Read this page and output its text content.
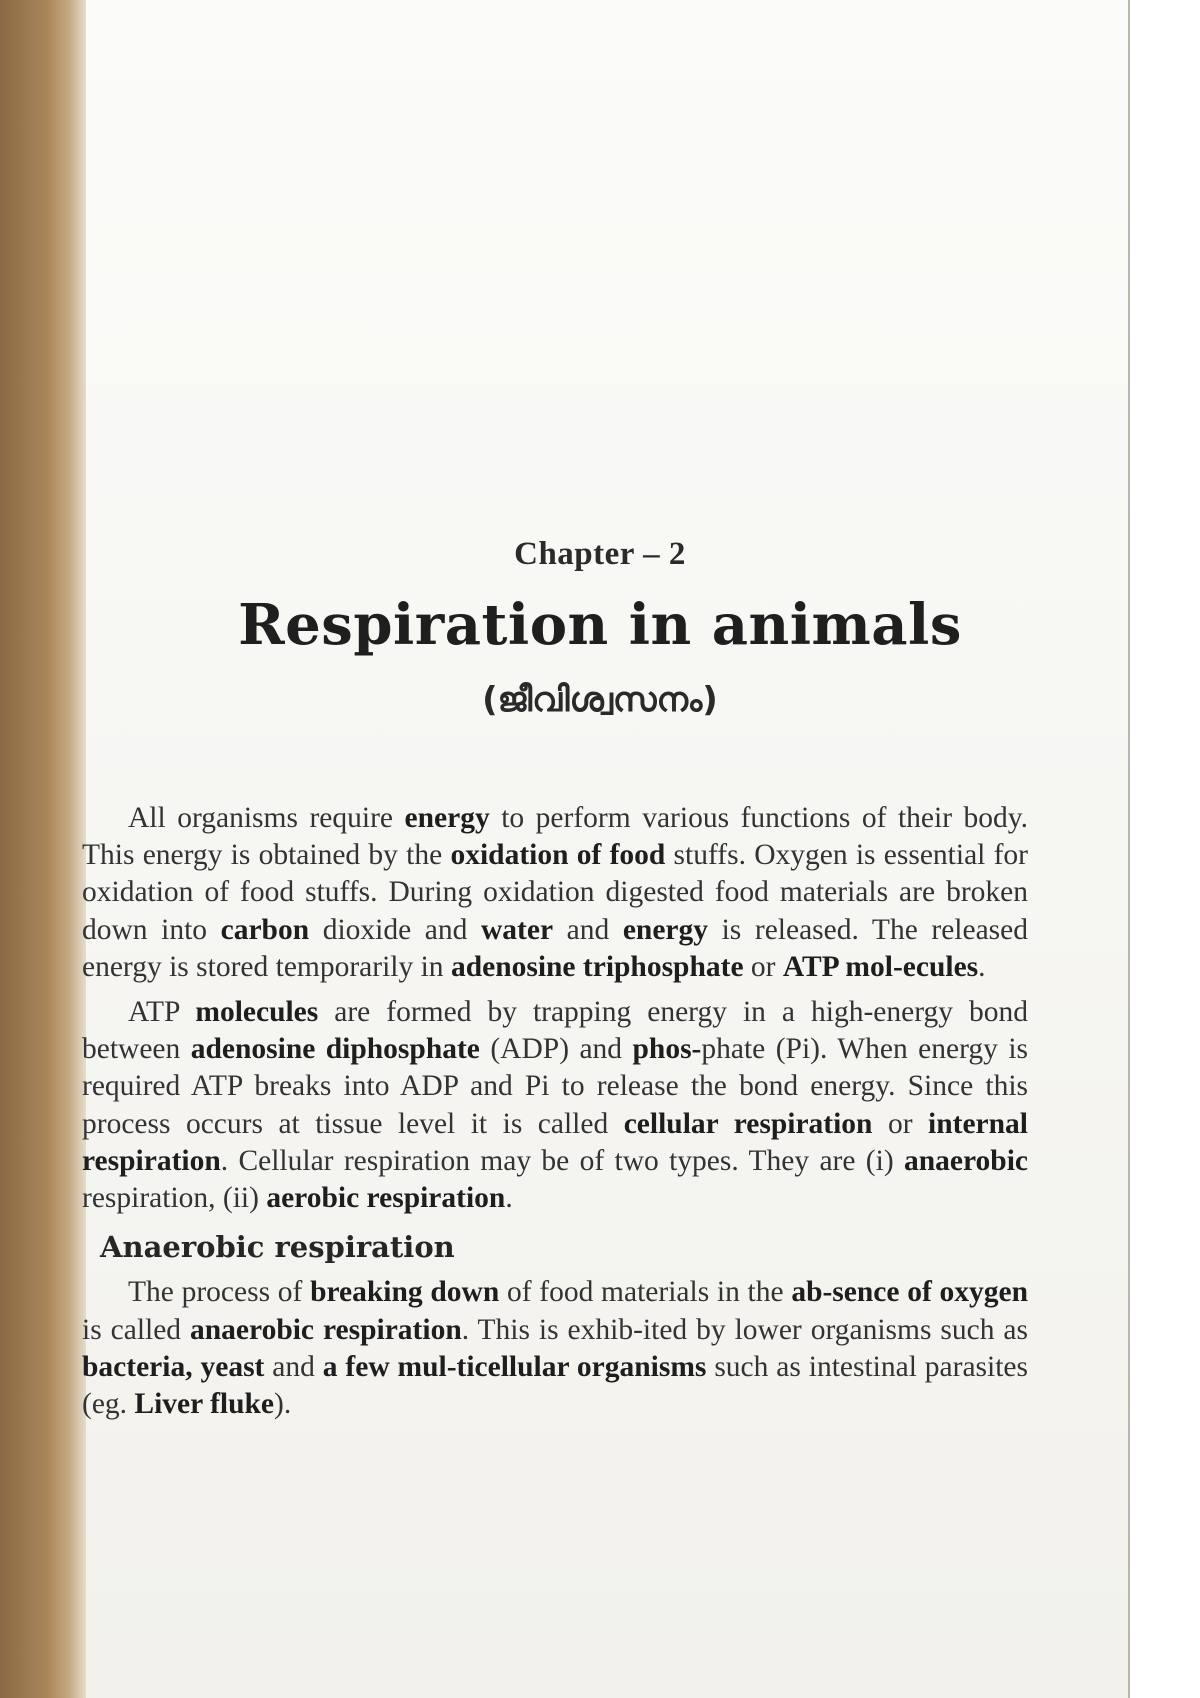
Chapter – 2
Respiration in animals
(ജീവിശ്വസനം)

All organisms require energy to perform various functions of their body. This energy is obtained by the oxidation of food stuffs. Oxygen is essential for oxidation of food stuffs. During oxidation digested food materials are broken down into carbon dioxide and water and energy is released. The released energy is stored temporarily in adenosine triphosphate or ATP mol-ecules.

ATP molecules are formed by trapping energy in a high-energy bond between adenosine diphosphate (ADP) and phos-phate (Pi). When energy is required ATP breaks into ADP and Pi to release the bond energy. Since this process occurs at tissue level it is called cellular respiration or internal respiration. Cellular respiration may be of two types. They are (i) anaerobic respiration, (ii) aerobic respiration.

Anaerobic respiration

The process of breaking down of food materials in the ab-sence of oxygen is called anaerobic respiration. This is exhib-ited by lower organisms such as bacteria, yeast and a few mul-ticellular organisms such as intestinal parasites (eg. Liver fluke).
